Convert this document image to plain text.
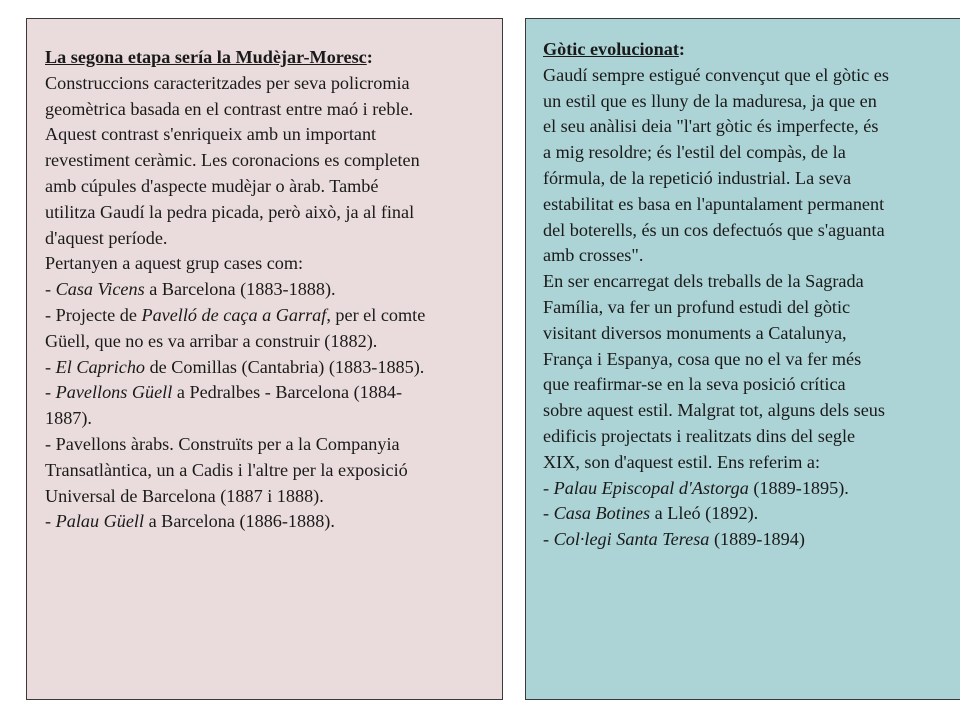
La segona etapa sería la Mudèjar-Moresc:
Construccions caracteritzades per seva policromia
geomètrica basada en el contrast entre maó i reble.
Aquest contrast s'enriqueix amb un important
revestiment ceràmic. Les coronacions es completen
amb cúpules d'aspecte mudèjar o àrab. També
utilitza Gaudí la pedra picada, però això, ja al final
d'aquest període.
Pertanyen a aquest grup cases com:
- Casa Vicens a Barcelona (1883-1888).
- Projecte de Pavelló de caça a Garraf, per el comte
Güell, que no es va arribar a construir (1882).
- El Capricho de Comillas (Cantabria) (1883-1885).
- Pavellons Güell a Pedralbes - Barcelona (1884-
1887).
- Pavellons àrabs. Construïts per a la Companyia
Transatlàntica, un a Cadis i l'altre per la exposició
Universal de Barcelona (1887 i 1888).
- Palau Güell a Barcelona (1886-1888).

Gòtic evolucionat:
Gaudí sempre estigué convençut que el gòtic es
un estil que es lluny de la maduresa, ja que en
el seu anàlisi deia "l'art gòtic és imperfecte, és
a mig resoldre; és l'estil del compàs, de la
fórmula, de la repetició industrial. La seva
estabilitat es basa en l'apuntalament permanent
del boterells, és un cos defectuós que s'aguanta
amb crosses".
En ser encarregat dels treballs de la Sagrada
Família, va fer un profund estudi del gòtic
visitant diversos monuments a Catalunya,
França i Espanya, cosa que no el va fer més
que reafirmar-se en la seva posició crítica
sobre aquest estil. Malgrat tot, alguns dels seus
edificis projectats i realitzats dins del segle
XIX, son d'aquest estil. Ens referim a:
- Palau Episcopal d'Astorga (1889-1895).
- Casa Botines a Lleó (1892).
- Col·legi Santa Teresa (1889-1894)
